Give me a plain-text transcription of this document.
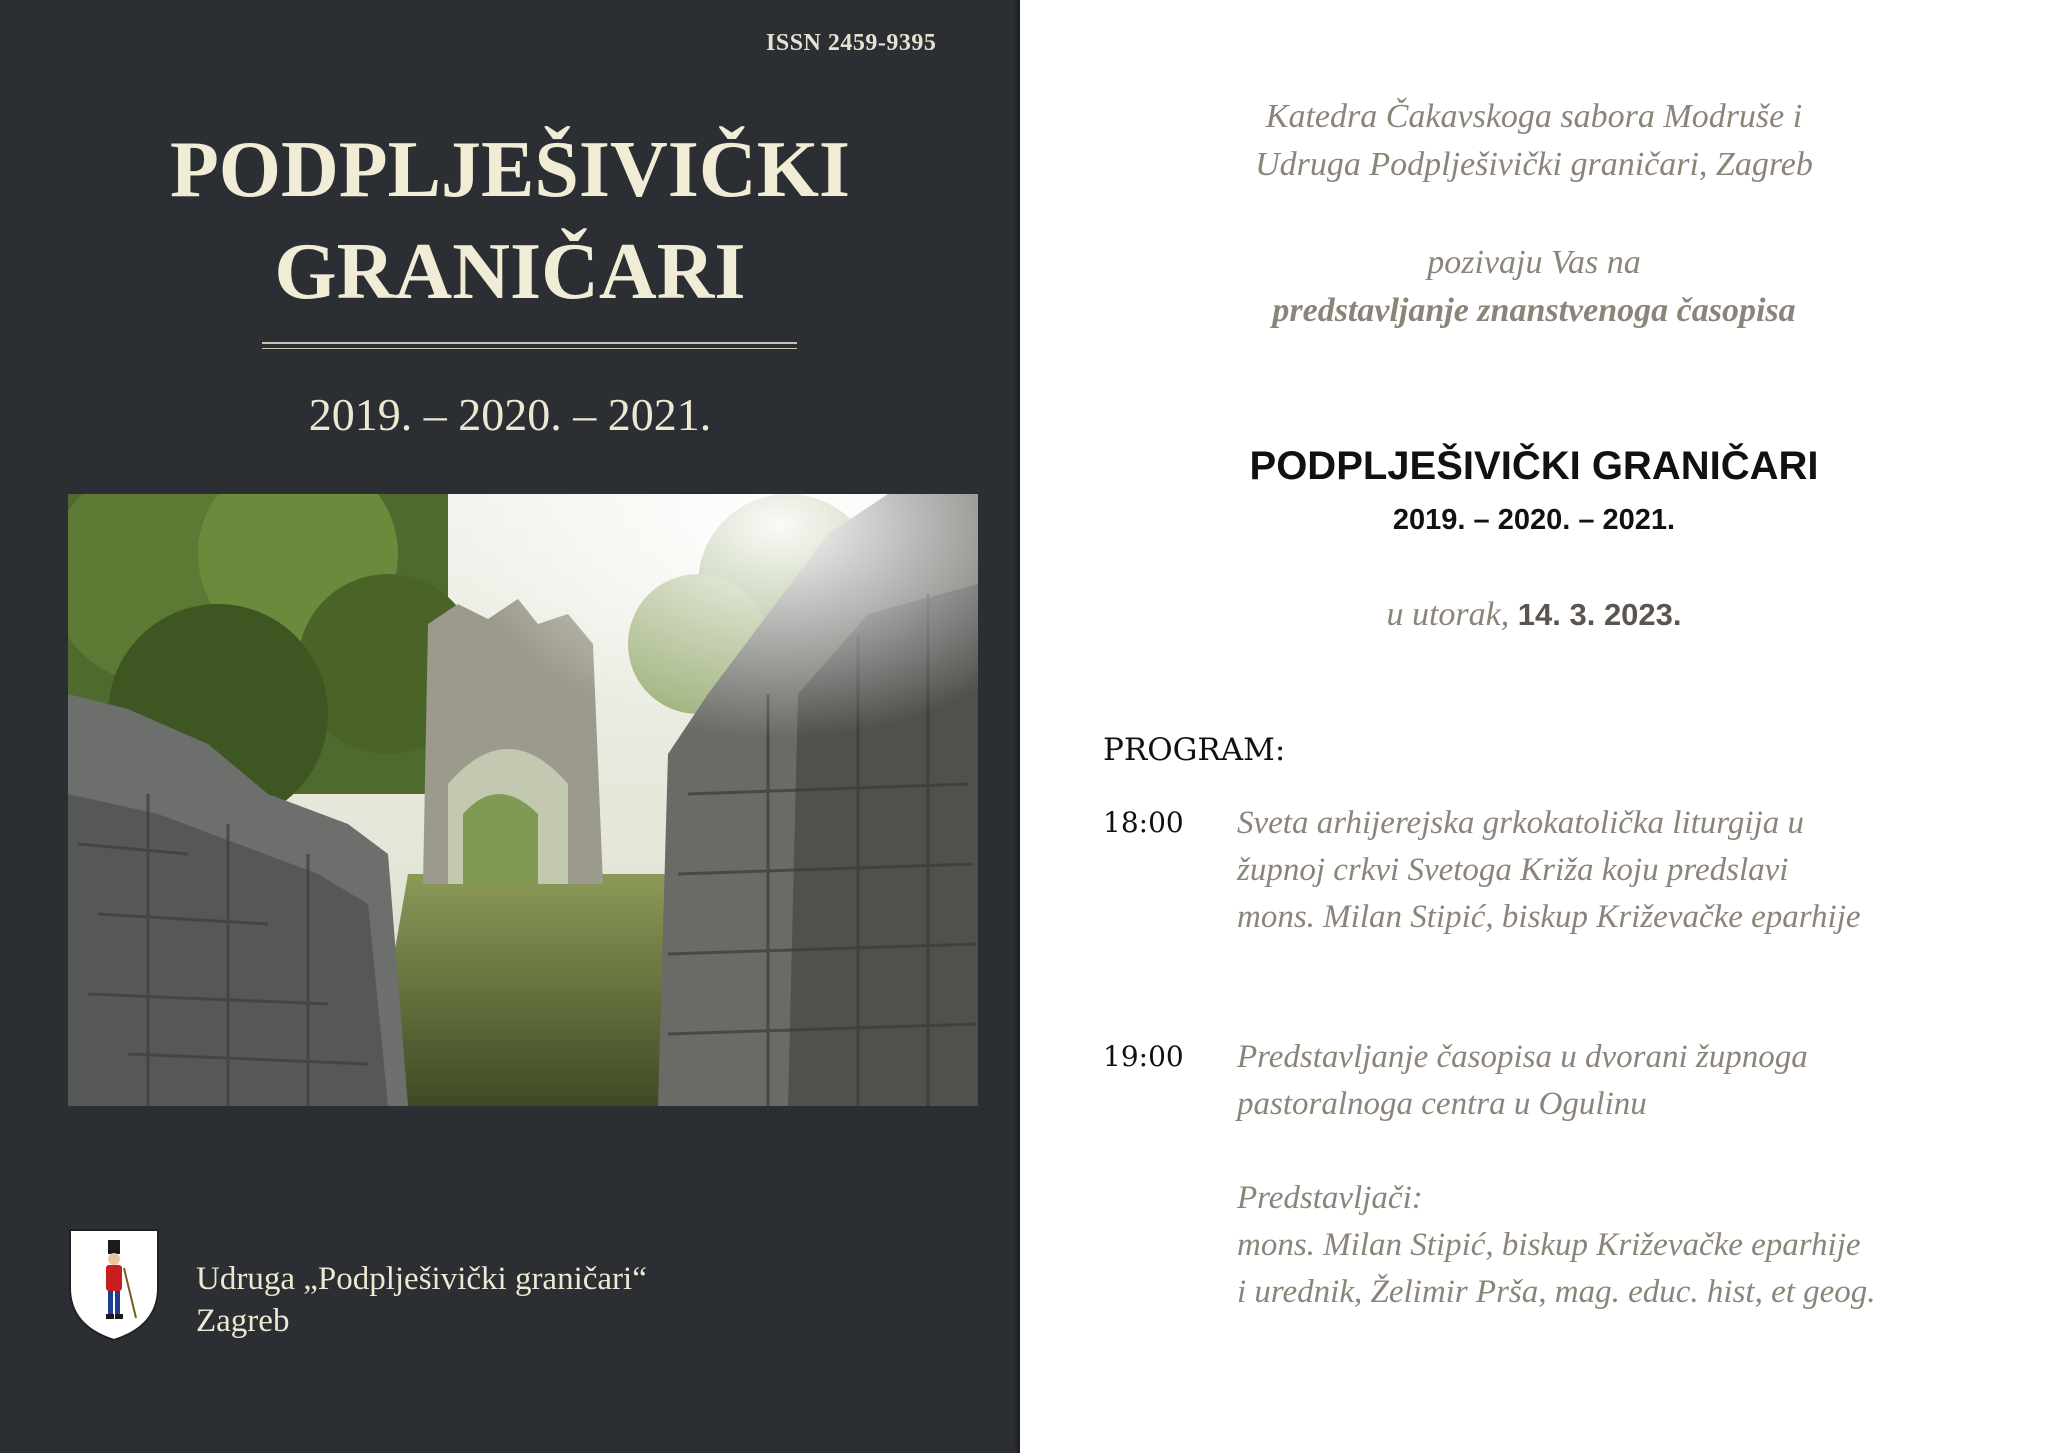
ISSN 2459-9395
PODPLJEŠIVIČKI
GRANIČARI
2019. – 2020. – 2021.
Udruga „Podplješivički graničari“
Zagreb
Katedra Čakavskoga sabora Modruše i
Udruga Podplješivički graničari, Zagreb
pozivaju Vas na
predstavljanje znanstvenoga časopisa
PODPLJEŠIVIČKI GRANIČARI
2019. – 2020. – 2021.
u utorak, 14. 3. 2023.
PROGRAM:
18:00 Sveta arhijerejska grkokatolička liturgija u
župnoj crkvi Svetoga Križa koju predslavi
mons. Milan Stipić, biskup Križevačke eparhije
19:00 Predstavljanje časopisa u dvorani župnoga
pastoralnoga centra u Ogulinu
Predstavljači:
mons. Milan Stipić, biskup Križevačke eparhije
i urednik, Želimir Prša, mag. educ. hist, et geog.
